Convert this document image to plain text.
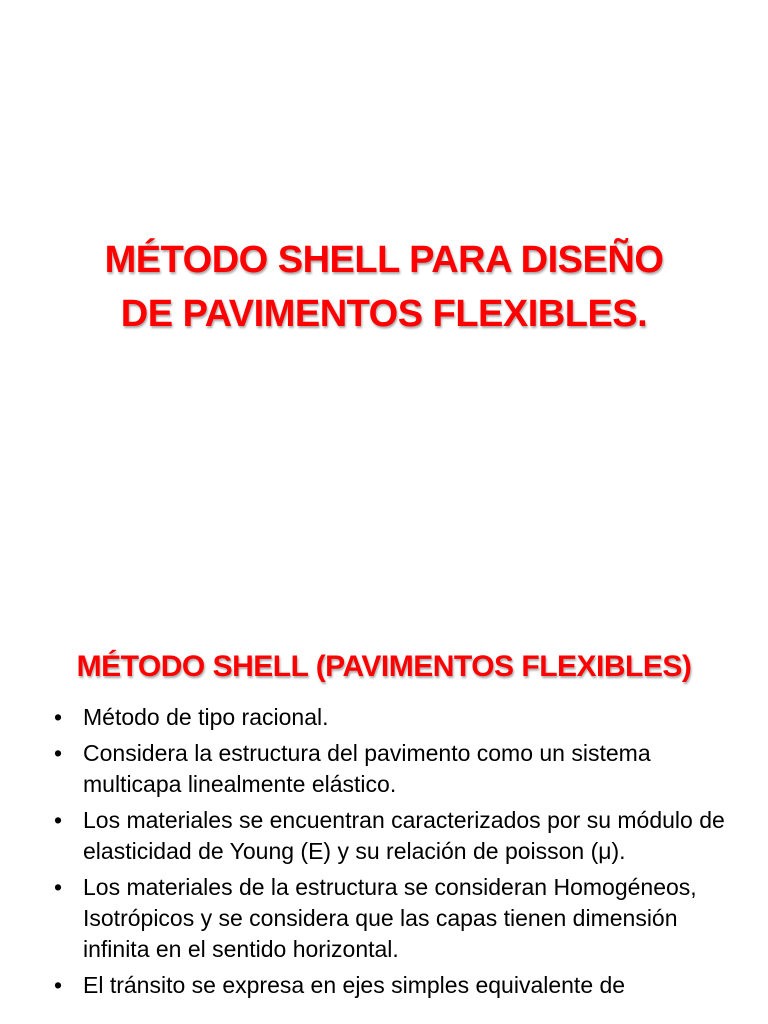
MÉTODO SHELL PARA DISEÑO
DE PAVIMENTOS FLEXIBLES.
MÉTODO SHELL (PAVIMENTOS FLEXIBLES)
• Método de tipo racional.
• Considera la estructura del pavimento como un sistema multicapa linealmente elástico.
• Los materiales se encuentran caracterizados por su módulo de elasticidad de Young (E) y su relación de poisson (μ).
• Los materiales de la estructura se consideran Homogéneos, Isotrópicos y se considera que las capas tienen dimensión infinita en el sentido horizontal.
• El tránsito se expresa en ejes simples equivalente de
